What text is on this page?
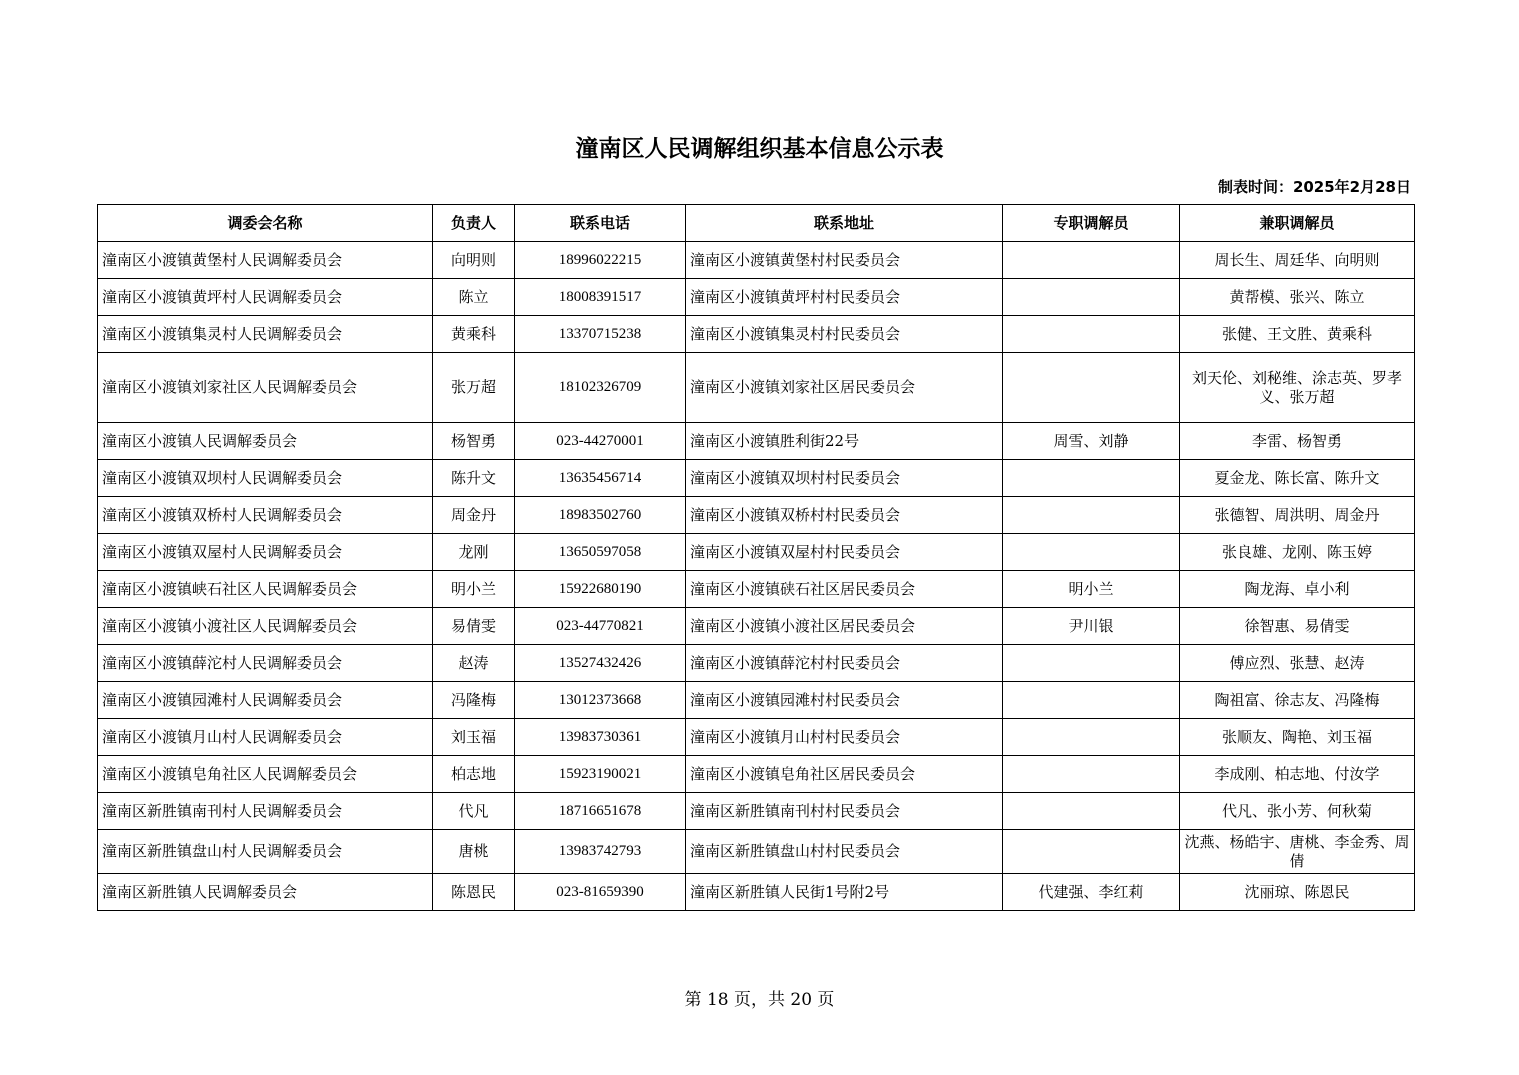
潼南区人民调解组织基本信息公示表
制表时间：2025年2月28日
调委会名称	负责人	联系电话	联系地址	专职调解员	兼职调解员
潼南区小渡镇黄堡村人民调解委员会	向明则	18996022215	潼南区小渡镇黄堡村村民委员会		周长生、周廷华、向明则
潼南区小渡镇黄坪村人民调解委员会	陈立	18008391517	潼南区小渡镇黄坪村村民委员会		黄帮模、张兴、陈立
潼南区小渡镇集灵村人民调解委员会	黄乘科	13370715238	潼南区小渡镇集灵村村民委员会		张健、王文胜、黄乘科
潼南区小渡镇刘家社区人民调解委员会	张万超	18102326709	潼南区小渡镇刘家社区居民委员会		刘天伦、刘秘维、涂志英、罗孝义、张万超
潼南区小渡镇人民调解委员会	杨智勇	023-44270001	潼南区小渡镇胜利街22号	周雪、刘静	李雷、杨智勇
潼南区小渡镇双坝村人民调解委员会	陈升文	13635456714	潼南区小渡镇双坝村村民委员会		夏金龙、陈长富、陈升文
潼南区小渡镇双桥村人民调解委员会	周金丹	18983502760	潼南区小渡镇双桥村村民委员会		张德智、周洪明、周金丹
潼南区小渡镇双屋村人民调解委员会	龙刚	13650597058	潼南区小渡镇双屋村村民委员会		张良雄、龙刚、陈玉婷
潼南区小渡镇峡石社区人民调解委员会	明小兰	15922680190	潼南区小渡镇硖石社区居民委员会	明小兰	陶龙海、卓小利
潼南区小渡镇小渡社区人民调解委员会	易倩雯	023-44770821	潼南区小渡镇小渡社区居民委员会	尹川银	徐智惠、易倩雯
潼南区小渡镇薛沱村人民调解委员会	赵涛	13527432426	潼南区小渡镇薛沱村村民委员会		傅应烈、张慧、赵涛
潼南区小渡镇园滩村人民调解委员会	冯隆梅	13012373668	潼南区小渡镇园滩村村民委员会		陶祖富、徐志友、冯隆梅
潼南区小渡镇月山村人民调解委员会	刘玉福	13983730361	潼南区小渡镇月山村村民委员会		张顺友、陶艳、刘玉福
潼南区小渡镇皂角社区人民调解委员会	柏志地	15923190021	潼南区小渡镇皂角社区居民委员会		李成刚、柏志地、付汝学
潼南区新胜镇南刊村人民调解委员会	代凡	18716651678	潼南区新胜镇南刊村村民委员会		代凡、张小芳、何秋菊
潼南区新胜镇盘山村人民调解委员会	唐桃	13983742793	潼南区新胜镇盘山村村民委员会		沈燕、杨皓宇、唐桃、李金秀、周倩
潼南区新胜镇人民调解委员会	陈恩民	023-81659390	潼南区新胜镇人民街1号附2号	代建强、李红莉	沈丽琼、陈恩民
第 18 页，共 20 页
